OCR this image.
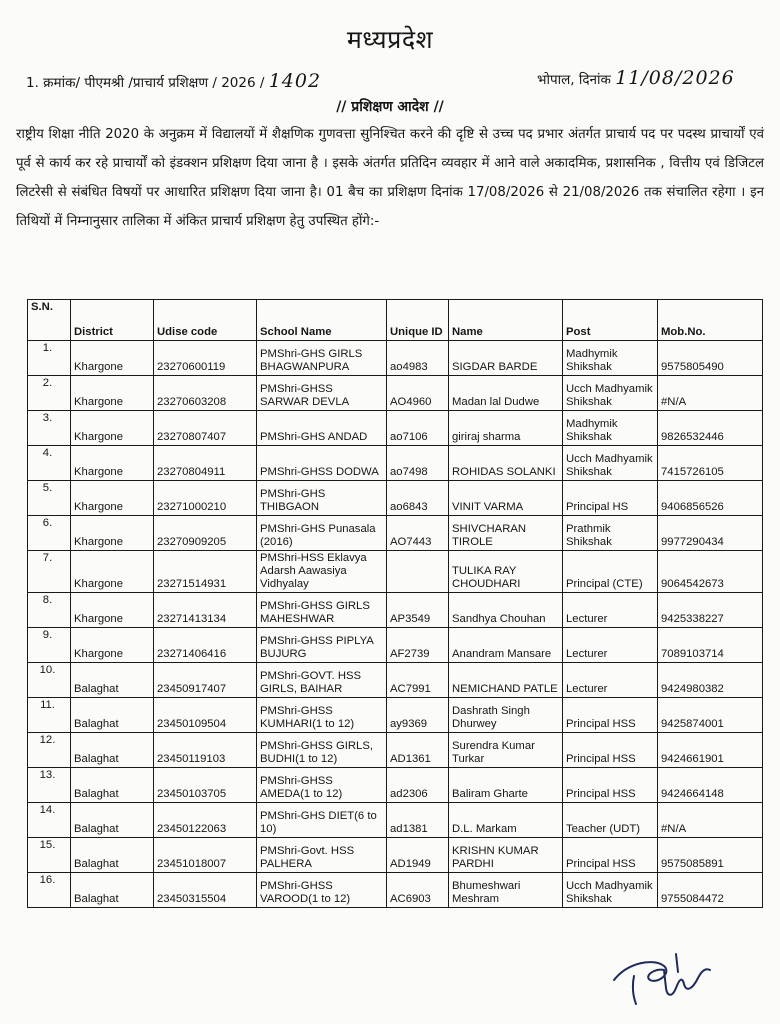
मध्यप्रदेश
1. क्रमांक/ पीएमश्री /प्राचार्य प्रशिक्षण / 2026 / 1402	भोपाल, दिनांक 11/08/2026
// प्रशिक्षण आदेश //

राष्ट्रीय शिक्षा नीति 2020 के अनुक्रम में विद्यालयों में शैक्षणिक गुणवत्ता सुनिश्चित करने की दृष्टि से उच्च पद प्रभार अंतर्गत प्राचार्य पद पर पदस्थ प्राचार्यों एवं पूर्व से कार्य कर रहे प्राचार्यों को इंडक्शन प्रशिक्षण दिया जाना है । इसके अंतर्गत प्रतिदिन व्यवहार में आने वाले अकादमिक, प्रशासनिक , वित्तीय एवं डिजिटल लिटरेसी से संबंधित विषयों पर आधारित प्रशिक्षण दिया जाना है। 01 बैच का प्रशिक्षण दिनांक 17/08/2026 से 21/08/2026 तक संचालित रहेगा । इन तिथियों में निम्नानुसार तालिका में अंकित प्राचार्य प्रशिक्षण हेतु उपस्थित होंगे:-

S.N.	District	Udise code	School Name	Unique ID	Name	Post	Mob.No.
1.	Khargone	23270600119	PMShri-GHS GIRLS BHAGWANPURA	ao4983	SIGDAR BARDE	Madhymik Shikshak	9575805490
2.	Khargone	23270603208	PMShri-GHSS SARWAR DEVLA	AO4960	Madan lal Dudwe	Ucch Madhyamik Shikshak	#N/A
3.	Khargone	23270807407	PMShri-GHS ANDAD	ao7106	giriraj sharma	Madhymik Shikshak	9826532446
4.	Khargone	23270804911	PMShri-GHSS DODWA	ao7498	ROHIDAS SOLANKI	Ucch Madhyamik Shikshak	7415726105
5.	Khargone	23271000210	PMShri-GHS THIBGAON	ao6843	VINIT VARMA	Principal HS	9406856526
6.	Khargone	23270909205	PMShri-GHS Punasala (2016)	AO7443	SHIVCHARAN TIROLE	Prathmik Shikshak	9977290434
7.	Khargone	23271514931	PMShri-HSS Eklavya Adarsh Aawasiya Vidhyalay		TULIKA RAY CHOUDHARI	Principal (CTE)	9064542673
8.	Khargone	23271413134	PMShri-GHSS GIRLS MAHESHWAR	AP3549	Sandhya Chouhan	Lecturer	9425338227
9.	Khargone	23271406416	PMShri-GHSS PIPLYA BUJURG	AF2739	Anandram Mansare	Lecturer	7089103714
10.	Balaghat	23450917407	PMShri-GOVT. HSS GIRLS, BAIHAR	AC7991	NEMICHAND PATLE	Lecturer	9424980382
11.	Balaghat	23450109504	PMShri-GHSS KUMHARI(1 to 12)	ay9369	Dashrath Singh Dhurwey	Principal HSS	9425874001
12.	Balaghat	23450119103	PMShri-GHSS GIRLS, BUDHI(1 to 12)	AD1361	Surendra Kumar Turkar	Principal HSS	9424661901
13.	Balaghat	23450103705	PMShri-GHSS AMEDA(1 to 12)	ad2306	Baliram Gharte	Principal HSS	9424664148
14.	Balaghat	23450122063	PMShri-GHS DIET(6 to 10)	ad1381	D.L. Markam	Teacher (UDT)	#N/A
15.	Balaghat	23451018007	PMShri-Govt. HSS PALHERA	AD1949	KRISHN KUMAR PARDHI	Principal HSS	9575085891
16.	Balaghat	23450315504	PMShri-GHSS VAROOD(1 to 12)	AC6903	Bhumeshwari Meshram	Ucch Madhyamik Shikshak	9755084472
